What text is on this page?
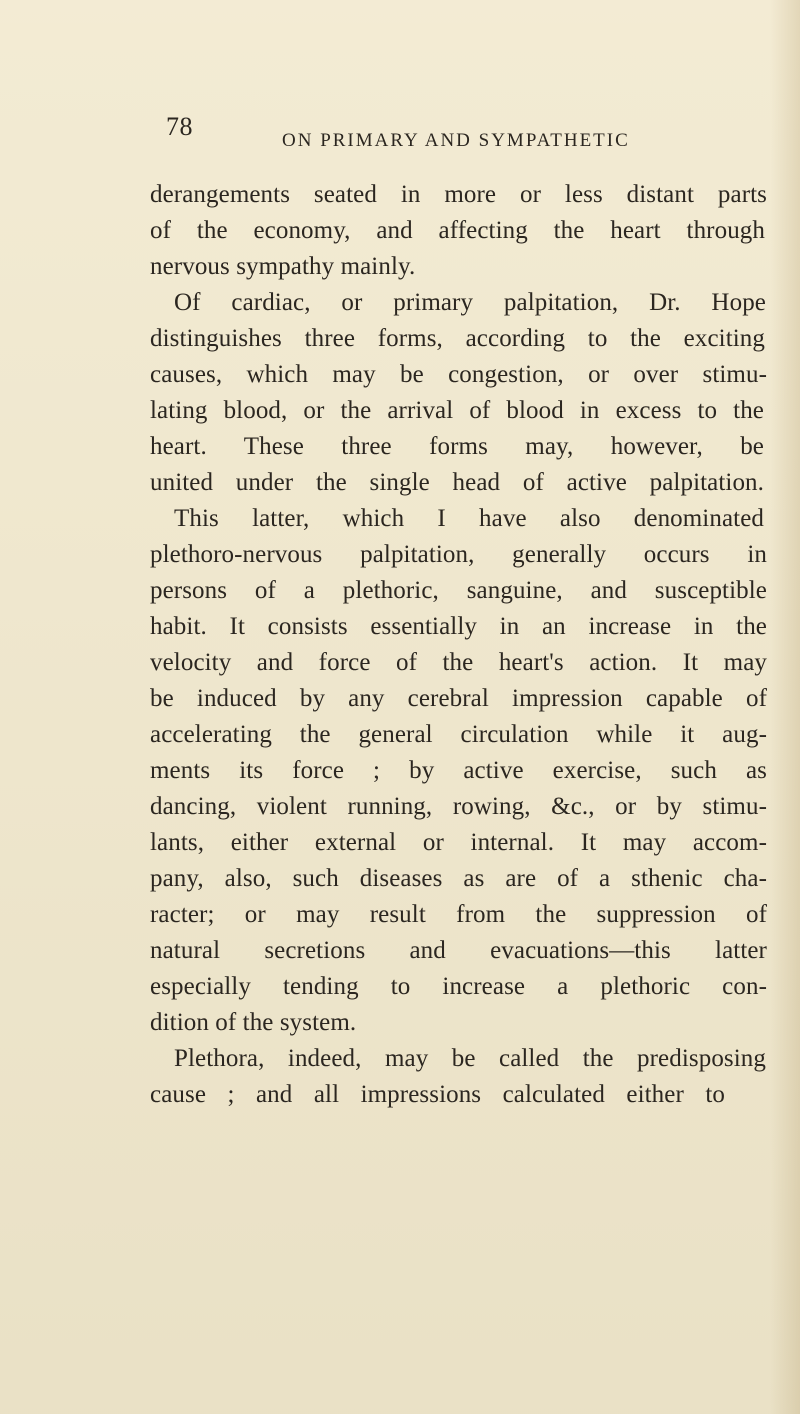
78	ON PRIMARY AND SYMPATHETIC
derangements seated in more or less distant parts
of the economy, and affecting the heart through
nervous sympathy mainly.
Of cardiac, or primary palpitation, Dr. Hope
distinguishes three forms, according to the exciting
causes, which may be congestion, or over stimu-
lating blood, or the arrival of blood in excess to the
heart. These three forms may, however, be
united under the single head of active palpitation.
This latter, which I have also denominated
plethoro-nervous palpitation, generally occurs in
persons of a plethoric, sanguine, and susceptible
habit. It consists essentially in an increase in the
velocity and force of the heart's action. It may
be induced by any cerebral impression capable of
accelerating the general circulation while it aug-
ments its force ; by active exercise, such as
dancing, violent running, rowing, &c., or by stimu-
lants, either external or internal. It may accom-
pany, also, such diseases as are of a sthenic cha-
racter; or may result from the suppression of
natural secretions and evacuations—this latter
especially tending to increase a plethoric con-
dition of the system.
Plethora, indeed, may be called the predisposing
cause ; and all impressions calculated either to
